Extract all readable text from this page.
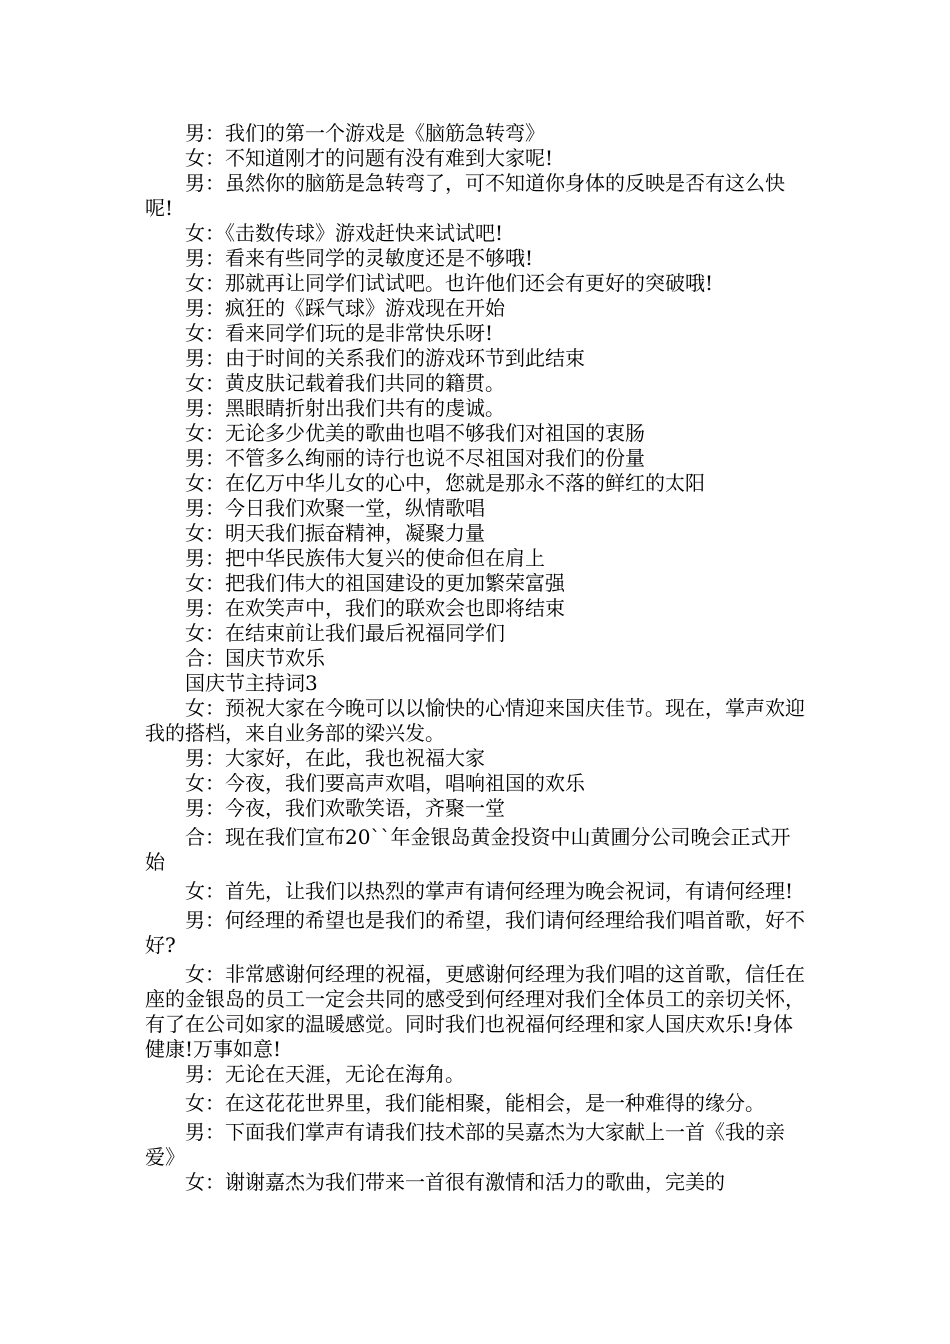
男：我们的第一个游戏是《脑筋急转弯》

女：不知道刚才的问题有没有难到大家呢!

男：虽然你的脑筋是急转弯了，可不知道你身体的反映是否有这么快呢!

女：《击数传球》游戏赶快来试试吧!

男：看来有些同学的灵敏度还是不够哦!

女：那就再让同学们试试吧。也许他们还会有更好的突破哦!

男：疯狂的《踩气球》游戏现在开始

女：看来同学们玩的是非常快乐呀!

男：由于时间的关系我们的游戏环节到此结束

女：黄皮肤记载着我们共同的籍贯。

男：黑眼睛折射出我们共有的虔诚。

女：无论多少优美的歌曲也唱不够我们对祖国的衷肠

男：不管多么绚丽的诗行也说不尽祖国对我们的份量

女：在亿万中华儿女的心中，您就是那永不落的鲜红的太阳

男：今日我们欢聚一堂，纵情歌唱

女：明天我们振奋精神，凝聚力量

男：把中华民族伟大复兴的使命但在肩上

女：把我们伟大的祖国建设的更加繁荣富强

男：在欢笑声中，我们的联欢会也即将结束

女：在结束前让我们最后祝福同学们

合：国庆节欢乐

国庆节主持词3

女：预祝大家在今晚可以以愉快的心情迎来国庆佳节。现在，掌声欢迎我的搭档，来自业务部的梁兴发。

男：大家好，在此，我也祝福大家

女：今夜，我们要高声欢唱，唱响祖国的欢乐

男：今夜，我们欢歌笑语，齐聚一堂

合：现在我们宣布20``年金银岛黄金投资中山黄圃分公司晚会正式开始

女：首先，让我们以热烈的掌声有请何经理为晚会祝词，有请何经理!

男：何经理的希望也是我们的希望，我们请何经理给我们唱首歌，好不好?

女：非常感谢何经理的祝福，更感谢何经理为我们唱的这首歌，信任在座的金银岛的员工一定会共同的感受到何经理对我们全体员工的亲切关怀，有了在公司如家的温暖感觉。同时我们也祝福何经理和家人国庆欢乐!身体健康!万事如意!

男：无论在天涯，无论在海角。

女：在这花花世界里，我们能相聚，能相会，是一种难得的缘分。

男：下面我们掌声有请我们技术部的吴嘉杰为大家献上一首《我的亲爱》

女：谢谢嘉杰为我们带来一首很有激情和活力的歌曲，完美的
